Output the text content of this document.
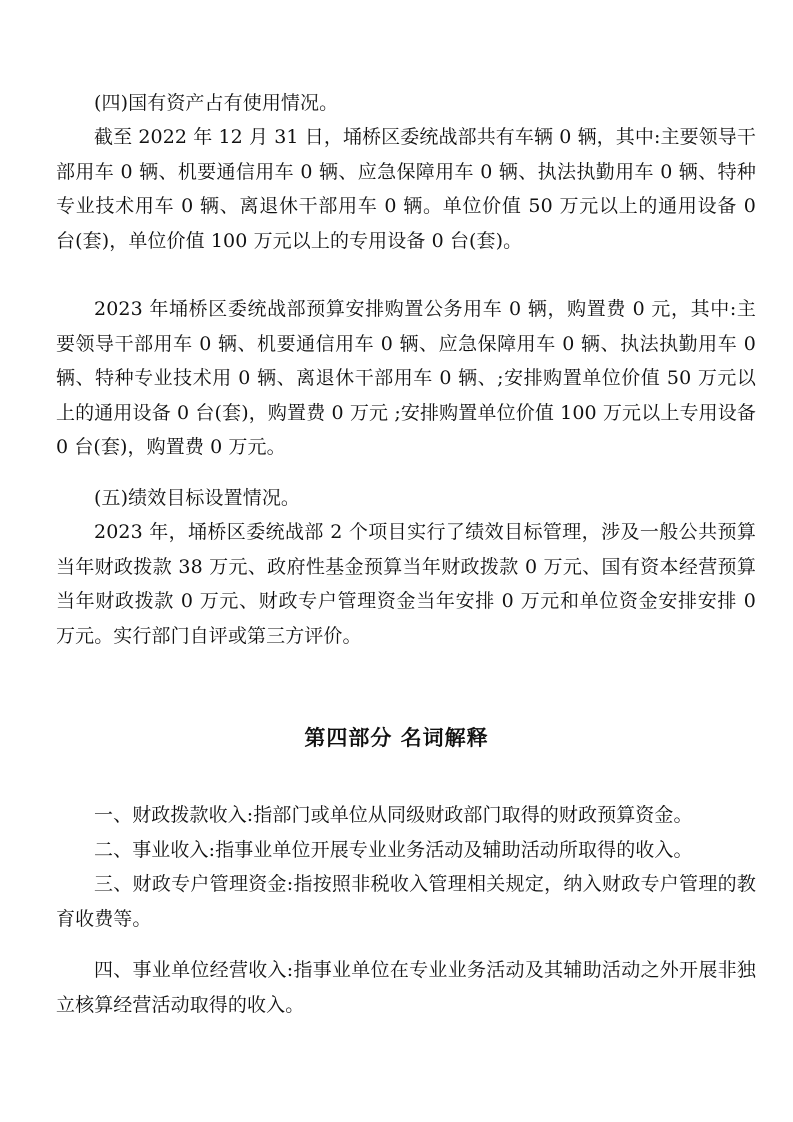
(四)国有资产占有使用情况。

截至 2022 年 12 月 31 日，埇桥区委统战部共有车辆 0 辆，其中:主要领导干部用车 0 辆、机要通信用车 0 辆、应急保障用车 0 辆、执法执勤用车 0 辆、特种专业技术用车 0 辆、离退休干部用车 0 辆。单位价值 50 万元以上的通用设备 0 台(套)，单位价值 100 万元以上的专用设备 0 台(套)。

2023 年埇桥区委统战部预算安排购置公务用车 0 辆，购置费 0 元，其中:主要领导干部用车 0 辆、机要通信用车 0 辆、应急保障用车 0 辆、执法执勤用车 0 辆、特种专业技术用 0 辆、离退休干部用车 0 辆、;安排购置单位价值 50 万元以上的通用设备 0 台(套)，购置费 0 万元 ;安排购置单位价值 100 万元以上专用设备 0 台(套)，购置费 0 万元。

(五)绩效目标设置情况。

2023 年，埇桥区委统战部 2 个项目实行了绩效目标管理，涉及一般公共预算当年财政拨款 38 万元、政府性基金预算当年财政拨款 0 万元、国有资本经营预算当年财政拨款 0 万元、财政专户管理资金当年安排 0 万元和单位资金安排安排 0 万元。实行部门自评或第三方评价。

第四部分 名词解释

一、财政拨款收入:指部门或单位从同级财政部门取得的财政预算资金。

二、事业收入:指事业单位开展专业业务活动及辅助活动所取得的收入。

三、财政专户管理资金:指按照非税收入管理相关规定，纳入财政专户管理的教育收费等。

四、事业单位经营收入:指事业单位在专业业务活动及其辅助活动之外开展非独立核算经营活动取得的收入。
